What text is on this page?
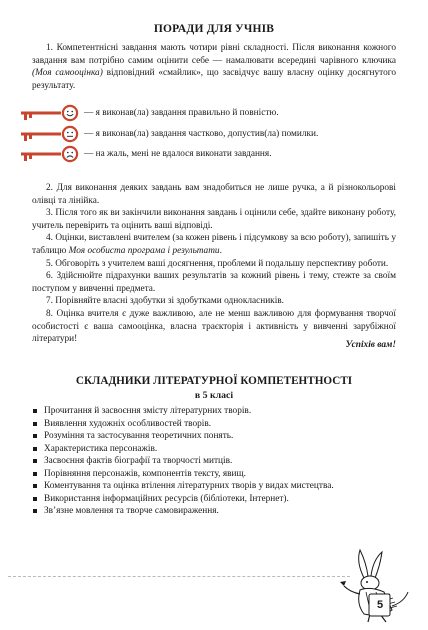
ПОРАДИ ДЛЯ УЧНІВ

1. Компетентнісні завдання мають чотири рівні складності. Після виконання кожного завдання вам потрібно самим оцінити себе — намалювати всередині чарівного ключика (Моя самооцінка) відповідний «смайлик», що засвідчує вашу власну оцінку досягнутого результату.

— я виконав(ла) завдання правильно й повністю.
— я виконав(ла) завдання частково, допустив(ла) помилки.
— на жаль, мені не вдалося виконати завдання.

2. Для виконання деяких завдань вам знадобиться не лише ручка, а й різнокольорові олівці та лінійка.

3. Після того як ви закінчили виконання завдань і оцінили себе, здайте виконану роботу, учитель перевірить та оцінить ваші відповіді.

4. Оцінки, виставлені вчителем (за кожен рівень і підсумкову за всю роботу), запишіть у таблицю Моя особиста програма і результати.

5. Обговоріть з учителем ваші досягнення, проблеми й подальшу перспективу роботи.

6. Здійснюйте підрахунки ваших результатів за кожний рівень і тему, стежте за своїм поступом у вивченні предмета.

7. Порівняйте власні здобутки зі здобутками однокласників.

8. Оцінка вчителя є дуже важливою, але не менш важливою для формування творчої особистості є ваша самооцінка, власна траєкторія і активність у вивченні зарубіжної літератури!

Успіхів вам!
СКЛАДНИКИ ЛІТЕРАТУРНОЇ КОМПЕТЕНТНОСТІ
в 5 класі
Прочитання й засвоєння змісту літературних творів.
Виявлення художніх особливостей творів.
Розуміння та застосування теоретичних понять.
Характеристика персонажів.
Засвоєння фактів біографії та творчості митців.
Порівняння персонажів, компонентів тексту, явищ.
Коментування та оцінка втілення літературних творів у видах мистецтва.
Використання інформаційних ресурсів (бібліотеки, Інтернет).
Зв’язне мовлення та творче самовираження.
5
